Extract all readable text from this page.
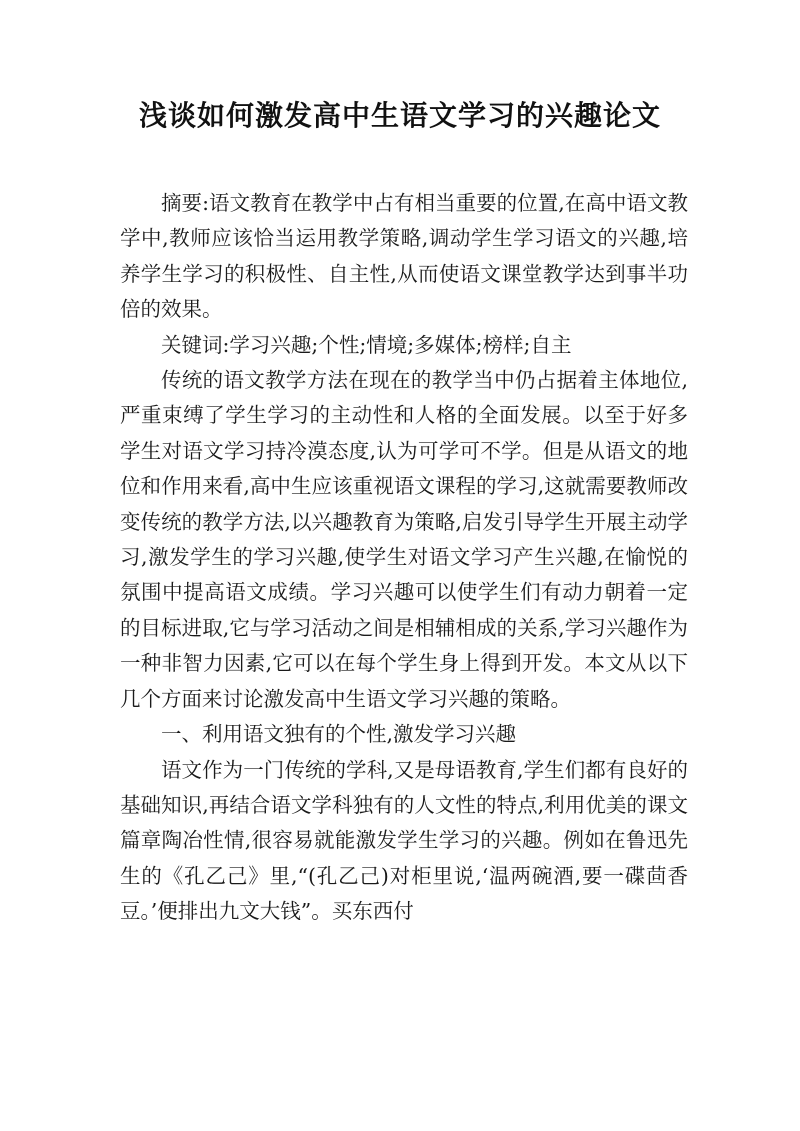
浅谈如何激发高中生语文学习的兴趣论文

摘要:语文教育在教学中占有相当重要的位置,在高中语文教学中,教师应该恰当运用教学策略,调动学生学习语文的兴趣,培养学生学习的积极性、自主性,从而使语文课堂教学达到事半功倍的效果。

关键词:学习兴趣;个性;情境;多媒体;榜样;自主

传统的语文教学方法在现在的教学当中仍占据着主体地位,严重束缚了学生学习的主动性和人格的全面发展。以至于好多学生对语文学习持冷漠态度,认为可学可不学。但是从语文的地位和作用来看,高中生应该重视语文课程的学习,这就需要教师改变传统的教学方法,以兴趣教育为策略,启发引导学生开展主动学习,激发学生的学习兴趣,使学生对语文学习产生兴趣,在愉悦的氛围中提高语文成绩。学习兴趣可以使学生们有动力朝着一定的目标进取,它与学习活动之间是相辅相成的关系,学习兴趣作为一种非智力因素,它可以在每个学生身上得到开发。本文从以下几个方面来讨论激发高中生语文学习兴趣的策略。

一、利用语文独有的个性,激发学习兴趣

语文作为一门传统的学科,又是母语教育,学生们都有良好的基础知识,再结合语文学科独有的人文性的特点,利用优美的课文篇章陶冶性情,很容易就能激发学生学习的兴趣。例如在鲁迅先生的《孔乙己》里,“(孔乙己)对柜里说,‘温两碗酒,要一碟茴香豆。’便排出九文大钱”。买东西付
